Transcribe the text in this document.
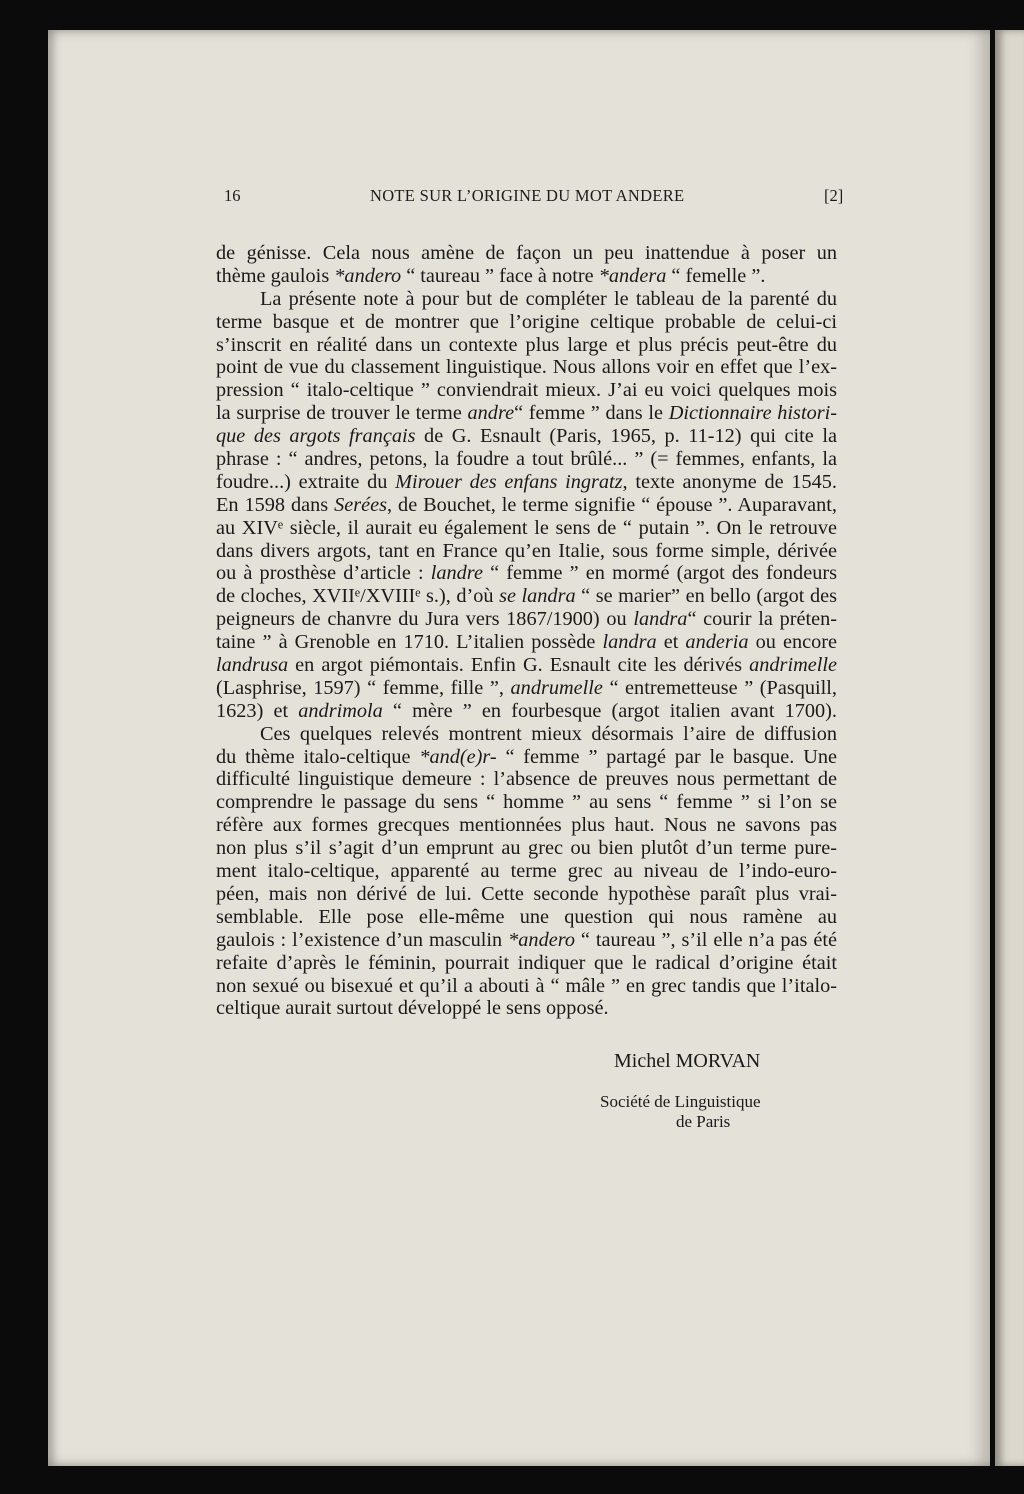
16	NOTE SUR L’ORIGINE DU MOT ANDERE	[2]
de génisse. Cela nous amène de façon un peu inattendue à poser un
thème gaulois *andero “ taureau ” face à notre *andera “ femelle ”.
La présente note à pour but de compléter le tableau de la parenté du
terme basque et de montrer que l’origine celtique probable de celui-ci
s’inscrit en réalité dans un contexte plus large et plus précis peut-être du
point de vue du classement linguistique. Nous allons voir en effet que l’ex-
pression “ italo-celtique ” conviendrait mieux. J’ai eu voici quelques mois
la surprise de trouver le terme andre“ femme ” dans le Dictionnaire histori-
que des argots français de G. Esnault (Paris, 1965, p. 11-12) qui cite la
phrase : “ andres, petons, la foudre a tout brûlé... ” (= femmes, enfants, la
foudre...) extraite du Mirouer des enfans ingratz, texte anonyme de 1545.
En 1598 dans Serées, de Bouchet, le terme signifie “ épouse ”. Auparavant,
au XIVᵉ siècle, il aurait eu également le sens de “ putain ”. On le retrouve
dans divers argots, tant en France qu’en Italie, sous forme simple, dérivée
ou à prosthèse d’article : landre “ femme ” en mormé (argot des fondeurs
de cloches, XVIIᵉ/XVIIIᵉ s.), d’où se landra “ se marier” en bello (argot des
peigneurs de chanvre du Jura vers 1867/1900) ou landra“ courir la préten-
taine ” à Grenoble en 1710. L’italien possède landra et anderia ou encore
landrusa en argot piémontais. Enfin G. Esnault cite les dérivés andrimelle
(Lasphrise, 1597) “ femme, fille ”, andrumelle “ entremetteuse ” (Pasquill,
1623) et andrimola “ mère ” en fourbesque (argot italien avant 1700).
Ces quelques relevés montrent mieux désormais l’aire de diffusion
du thème italo-celtique *and(e)r- “ femme ” partagé par le basque. Une
difficulté linguistique demeure : l’absence de preuves nous permettant de
comprendre le passage du sens “ homme ” au sens “ femme ” si l’on se
réfère aux formes grecques mentionnées plus haut. Nous ne savons pas
non plus s’il s’agit d’un emprunt au grec ou bien plutôt d’un terme pure-
ment italo-celtique, apparenté au terme grec au niveau de l’indo-euro-
péen, mais non dérivé de lui. Cette seconde hypothèse paraît plus vrai-
semblable. Elle pose elle-même une question qui nous ramène au
gaulois : l’existence d’un masculin *andero “ taureau ”, s’il elle n’a pas été
refaite d’après le féminin, pourrait indiquer que le radical d’origine était
non sexué ou bisexué et qu’il a abouti à “ mâle ” en grec tandis que l’italo-
celtique aurait surtout développé le sens opposé.
Michel MORVAN
Société de Linguistique
de Paris
